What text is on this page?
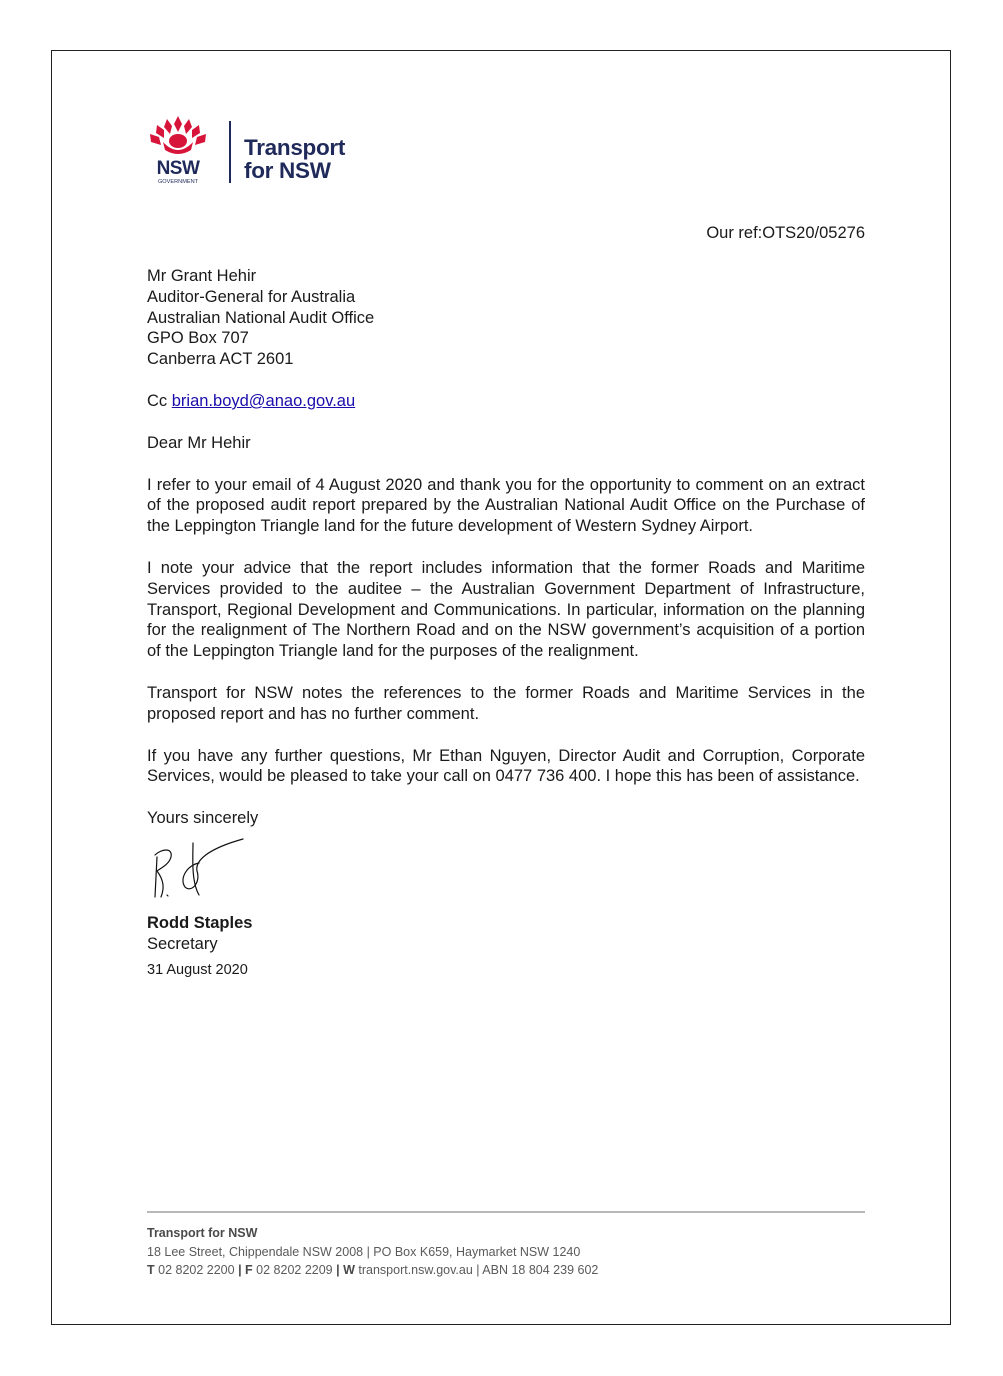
NSW
GOVERNMENT
Transport
for NSW
Our ref:OTS20/05276
Mr Grant Hehir
Auditor-General for Australia
Australian National Audit Office
GPO Box 707
Canberra ACT 2601

Cc brian.boyd@anao.gov.au

Dear Mr Hehir

I refer to your email of 4 August 2020 and thank you for the opportunity to comment on an extract of the proposed audit report prepared by the Australian National Audit Office on the Purchase of the Leppington Triangle land for the future development of Western Sydney Airport.

I note your advice that the report includes information that the former Roads and Maritime Services provided to the auditee – the Australian Government Department of Infrastructure, Transport, Regional Development and Communications. In particular, information on the planning for the realignment of The Northern Road and on the NSW government’s acquisition of a portion of the Leppington Triangle land for the purposes of the realignment.

Transport for NSW notes the references to the former Roads and Maritime Services in the proposed report and has no further comment.

If you have any further questions, Mr Ethan Nguyen, Director Audit and Corruption, Corporate Services, would be pleased to take your call on 0477 736 400. I hope this has been of assistance.

Yours sincerely

Rodd Staples

Secretary

31 August 2020

Transport for NSW
18 Lee Street, Chippendale NSW 2008 | PO Box K659, Haymarket NSW 1240
T 02 8202 2200 | F 02 8202 2209 | W transport.nsw.gov.au | ABN 18 804 239 602
